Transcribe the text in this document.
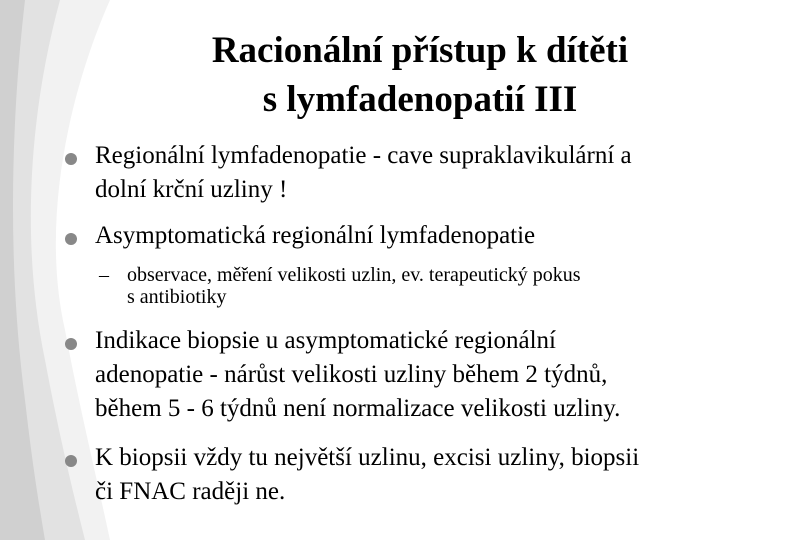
Racionální přístup k dítěti
s lymfadenopatií III
Regionální lymfadenopatie - cave supraklavikulární a
dolní krční uzliny !
Asymptomatická regionální lymfadenopatie
– observace, měření velikosti uzlin, ev. terapeutický pokus
s antibiotiky
Indikace biopsie u asymptomatické regionální
adenopatie - nárůst velikosti uzliny během 2 týdnů,
během 5 - 6 týdnů není normalizace velikosti uzliny.
K biopsii vždy tu největší uzlinu, excisi uzliny, biopsii
či FNAC raději ne.
